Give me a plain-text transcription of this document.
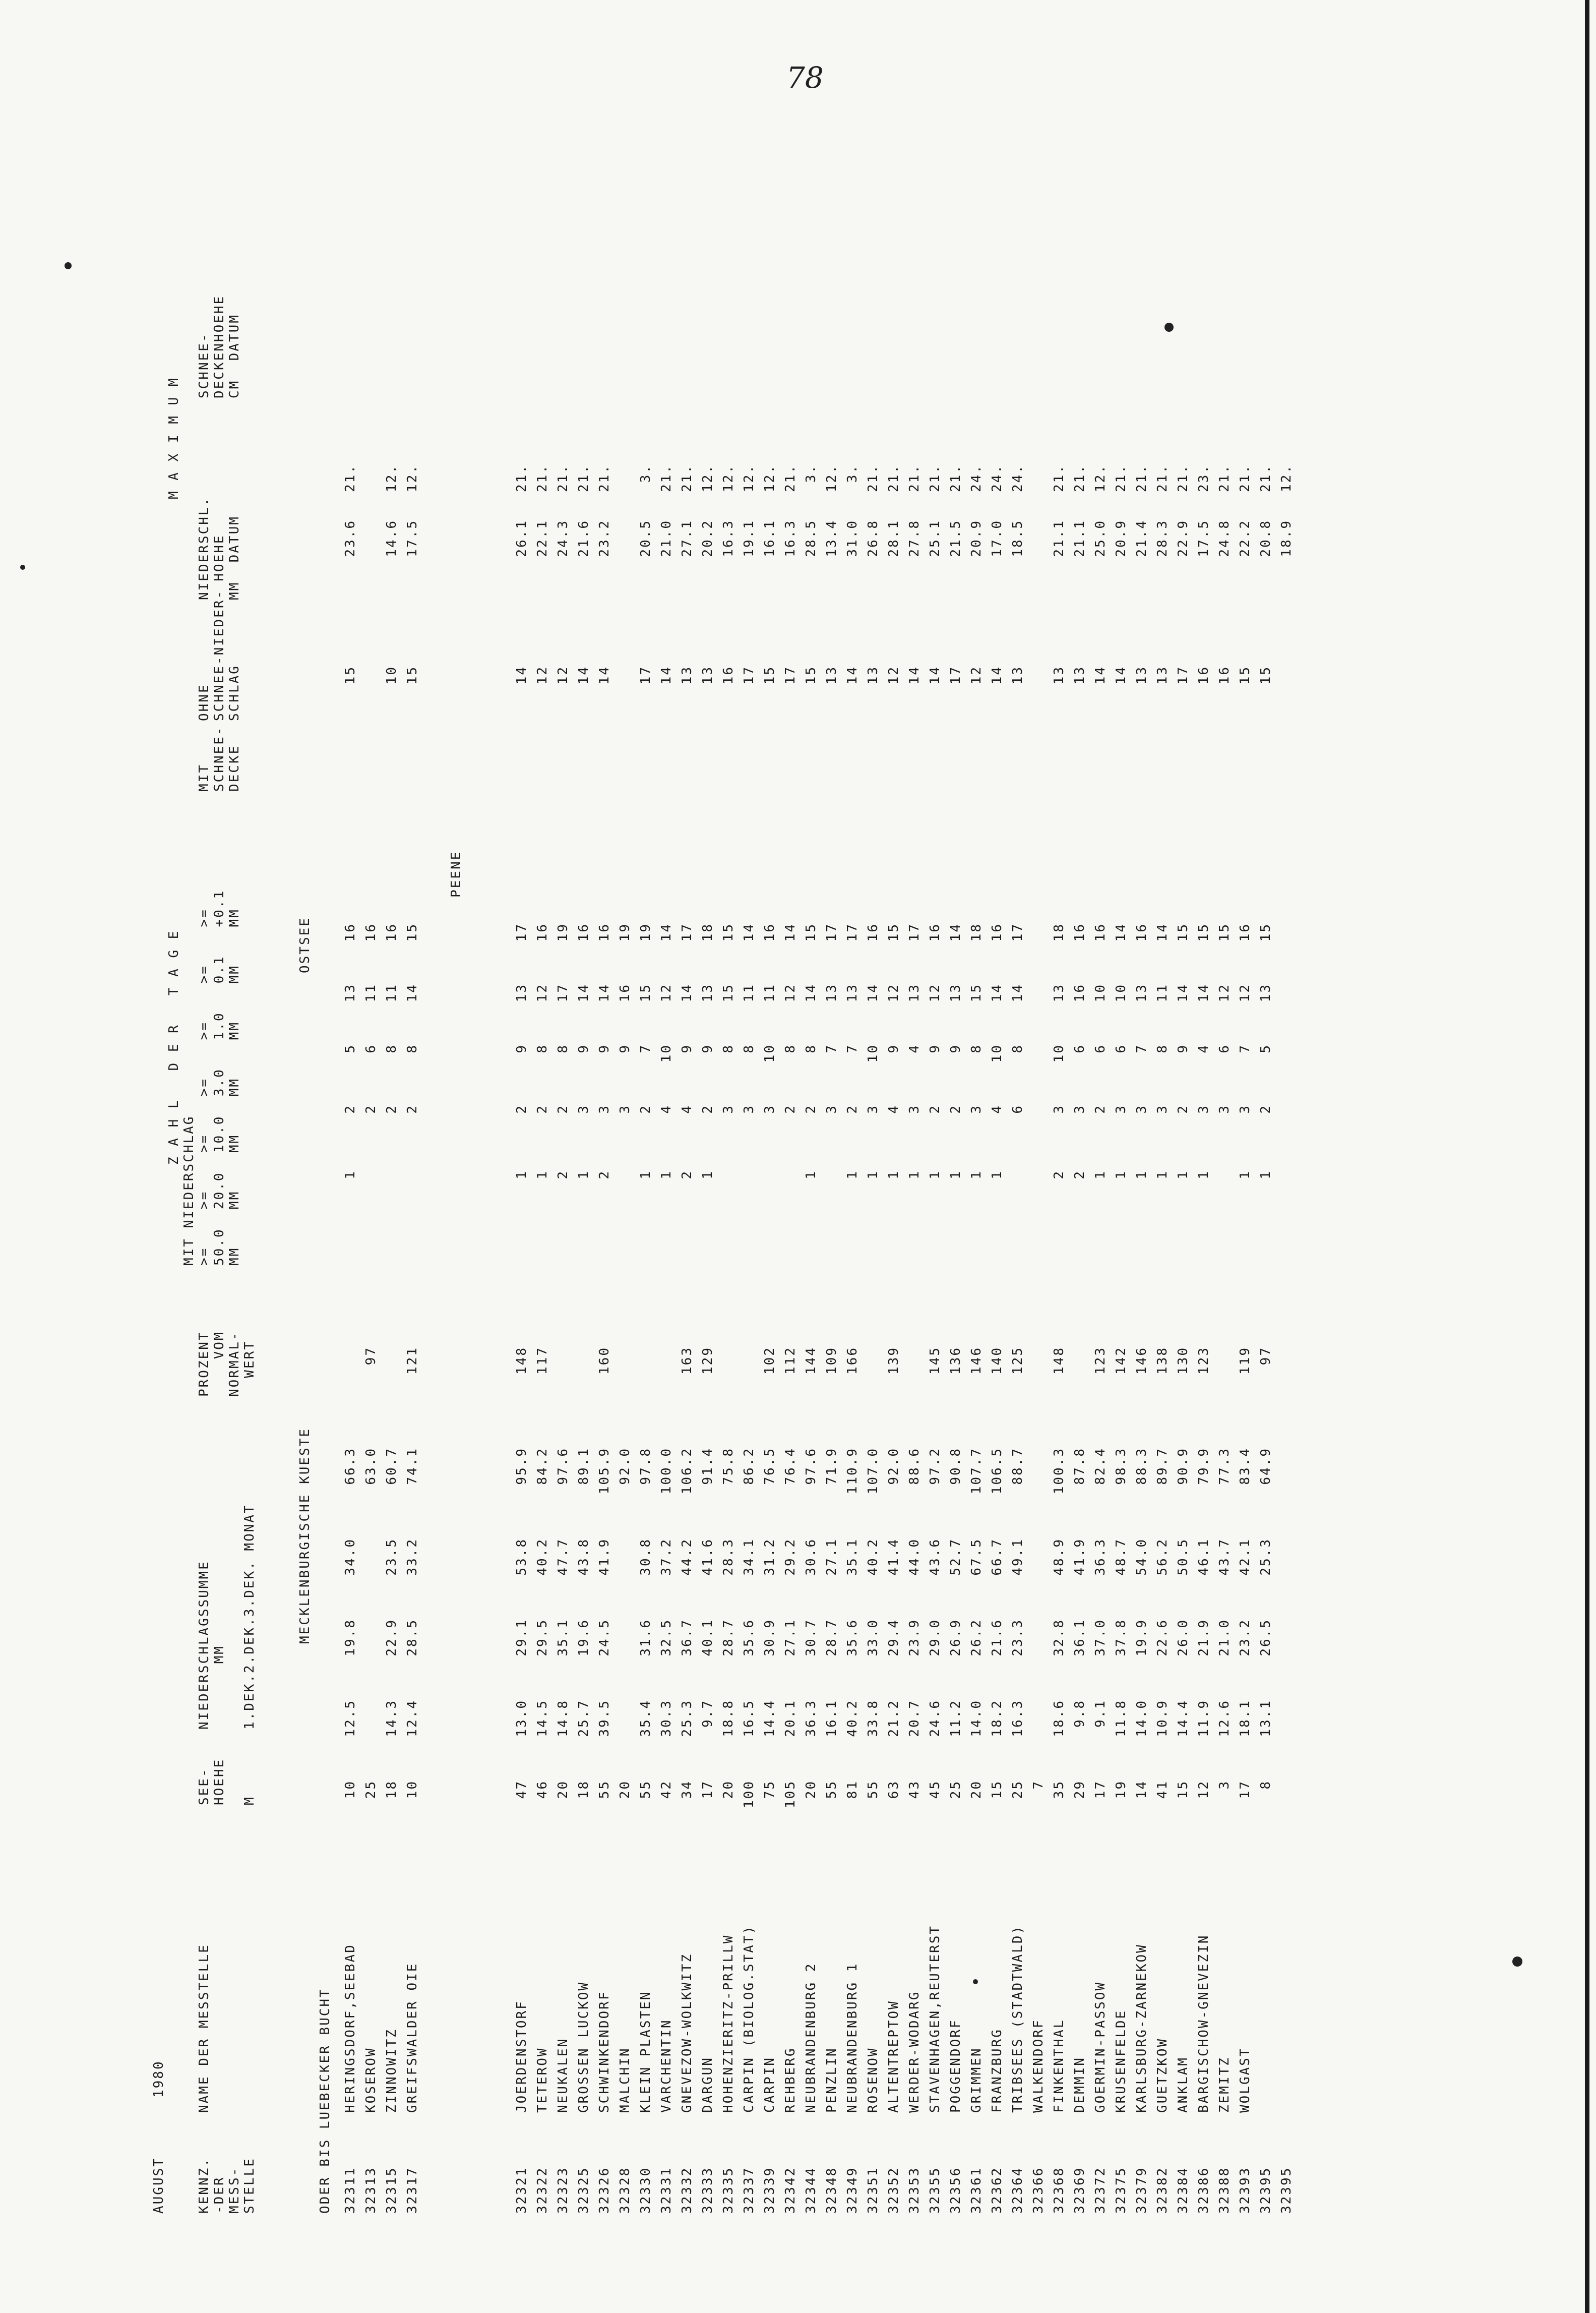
78

AUGUST

1980

KENNZ.
-DER
MESS-
STELLE

NAME DER MESSTELLE

SEE-
HOEHE

M

NIEDERSCHLAGSSUMME
MM

1.DEK.2.DEK.3.DEK. MONAT

PROZENT
VOM
NORMAL-
WERT

Z A H L   D E R   T A G E

MIT NIEDERSCHLAG

>=    >=    >=    >=    >=    >=    >=
50.0  20.0  10.0  3.0   1.0   0.1   +0.1
MM    MM    MM    MM    MM    MM    MM

MIT
SCHNEE-
DECKE

OHNE
SCHNEE-NIEDER-
SCHLAG

M A X I M U M

NIEDERSCHL.
HOEHE
MM  DATUM

SCHNEE-
DECKENHOEHE
CM  DATUM

ODER BIS LUEBECKER BUCHT

OSTSEE

32311
HERINGSDORF,SEEBAD
10
12.5
19.8
34.0
66.3
1
2
5
13
16
15
23.6
21.
32313
KOSEROW
25
63.0
97
2
6
11
16
32315
ZINNOWITZ
18
14.3
22.9
23.5
60.7
2
8
11
16
10
14.6
12.
32317
GREIFSWALDER OIE
10
12.4
28.5
33.2
74.1
121
2
8
14
15
15
17.5
12.

MECKLENBURGISCHE KUESTE

PEENE

32321
JOERDENSTORF
47
13.0
29.1
53.8
95.9
148
1
2
9
13
17
14
26.1
21.
32322
TETEROW
46
14.5
29.5
40.2
84.2
117
1
2
8
12
16
12
22.1
21.
32323
NEUKALEN
20
14.8
35.1
47.7
97.6
2
2
8
17
19
12
24.3
21.
32325
GROSSEN LUCKOW
18
25.7
19.6
43.8
89.1
1
3
9
14
16
14
21.6
21.
32326
SCHWINKENDORF
55
39.5
24.5
41.9
105.9
160
2
3
9
14
16
14
23.2
21.
32328
MALCHIN
20
92.0
3
9
16
19
32330
KLEIN PLASTEN
55
35.4
31.6
30.8
97.8
1
2
7
15
19
17
20.5
3.
32331
VARCHENTIN
42
30.3
32.5
37.2
100.0
1
4
10
12
14
14
21.0
21.
32332
GNEVEZOW-WOLKWITZ
34
25.3
36.7
44.2
106.2
163
2
4
9
14
17
13
27.1
21.
32333
DARGUN
17
9.7
40.1
41.6
91.4
129
1
2
9
13
18
13
20.2
12.
32335
HOHENZIERITZ-PRILLW
20
18.8
28.7
28.3
75.8
3
8
15
15
16
16.3
12.
32337
CARPIN (BIOLOG.STAT)
100
16.5
35.6
34.1
86.2
3
8
11
14
17
19.1
12.
32339
CARPIN
75
14.4
30.9
31.2
76.5
102
3
10
11
16
15
16.1
12.
32342
REHBERG
105
20.1
27.1
29.2
76.4
112
2
8
12
14
17
16.3
21.
32344
NEUBRANDENBURG 2
20
36.3
30.7
30.6
97.6
144
1
2
8
14
15
15
28.5
3.
32348
PENZLIN
55
16.1
28.7
27.1
71.9
109
3
7
13
17
13
13.4
12.
32349
NEUBRANDENBURG 1
81
40.2
35.6
35.1
110.9
166
1
2
7
13
17
14
31.0
3.
32351
ROSENOW
55
33.8
33.0
40.2
107.0
1
3
10
14
16
13
26.8
21.
32352
ALTENTREPTOW
63
21.2
29.4
41.4
92.0
139
1
4
9
12
15
12
28.1
21.
32353
WERDER-WODARG
43
20.7
23.9
44.0
88.6
1
3
4
13
17
14
27.8
21.
32355
STAVENHAGEN,REUTERST
45
24.6
29.0
43.6
97.2
145
1
2
9
12
16
14
25.1
21.
32356
POGGENDORF
25
11.2
26.9
52.7
90.8
136
1
2
9
13
14
17
21.5
21.
32361
GRIMMEN
20
14.0
26.2
67.5
107.7
146
1
3
8
15
18
12
20.9
24.
32362
FRANZBURG
15
18.2
21.6
66.7
106.5
140
1
4
10
14
16
14
17.0
24.
32364
TRIBSEES (STADTWALD)
25
16.3
23.3
49.1
88.7
125
6
8
14
17
13
18.5
24.
32366
WALKENDORF
7
32368
FINKENTHAL
35
18.6
32.8
48.9
100.3
148
2
3
10
13
18
13
21.1
21.
32369
DEMMIN
29
9.8
36.1
41.9
87.8
2
3
6
16
16
13
21.1
21.
32372
GOERMIN-PASSOW
17
9.1
37.0
36.3
82.4
123
1
2
6
10
16
14
25.0
12.
32375
KRUSENFELDE
19
11.8
37.8
48.7
98.3
142
1
3
6
10
14
14
20.9
21.
32379
KARLSBURG-ZARNEKOW
14
14.0
19.9
54.0
88.3
146
1
3
7
13
16
13
21.4
21.
32382
GUETZKOW
41
10.9
22.6
56.2
89.7
138
1
3
8
11
14
13
28.3
21.
32384
ANKLAM
15
14.4
26.0
50.5
90.9
130
1
2
9
14
15
17
22.9
21.
32386
BARGISCHOW-GNEVEZIN
12
11.9
21.9
46.1
79.9
123
1
3
4
14
15
16
17.5
23.
32388
ZEMITZ
3
12.6
21.0
43.7
77.3
3
6
12
15
16
24.8
21.
32393
WOLGAST
17
18.1
23.2
42.1
83.4
119
1
3
7
12
16
15
22.2
21.
32395
8
13.1
26.5
25.3
64.9
97
1
2
5
13
15
15
20.8
21.
32395
18.9
12.
